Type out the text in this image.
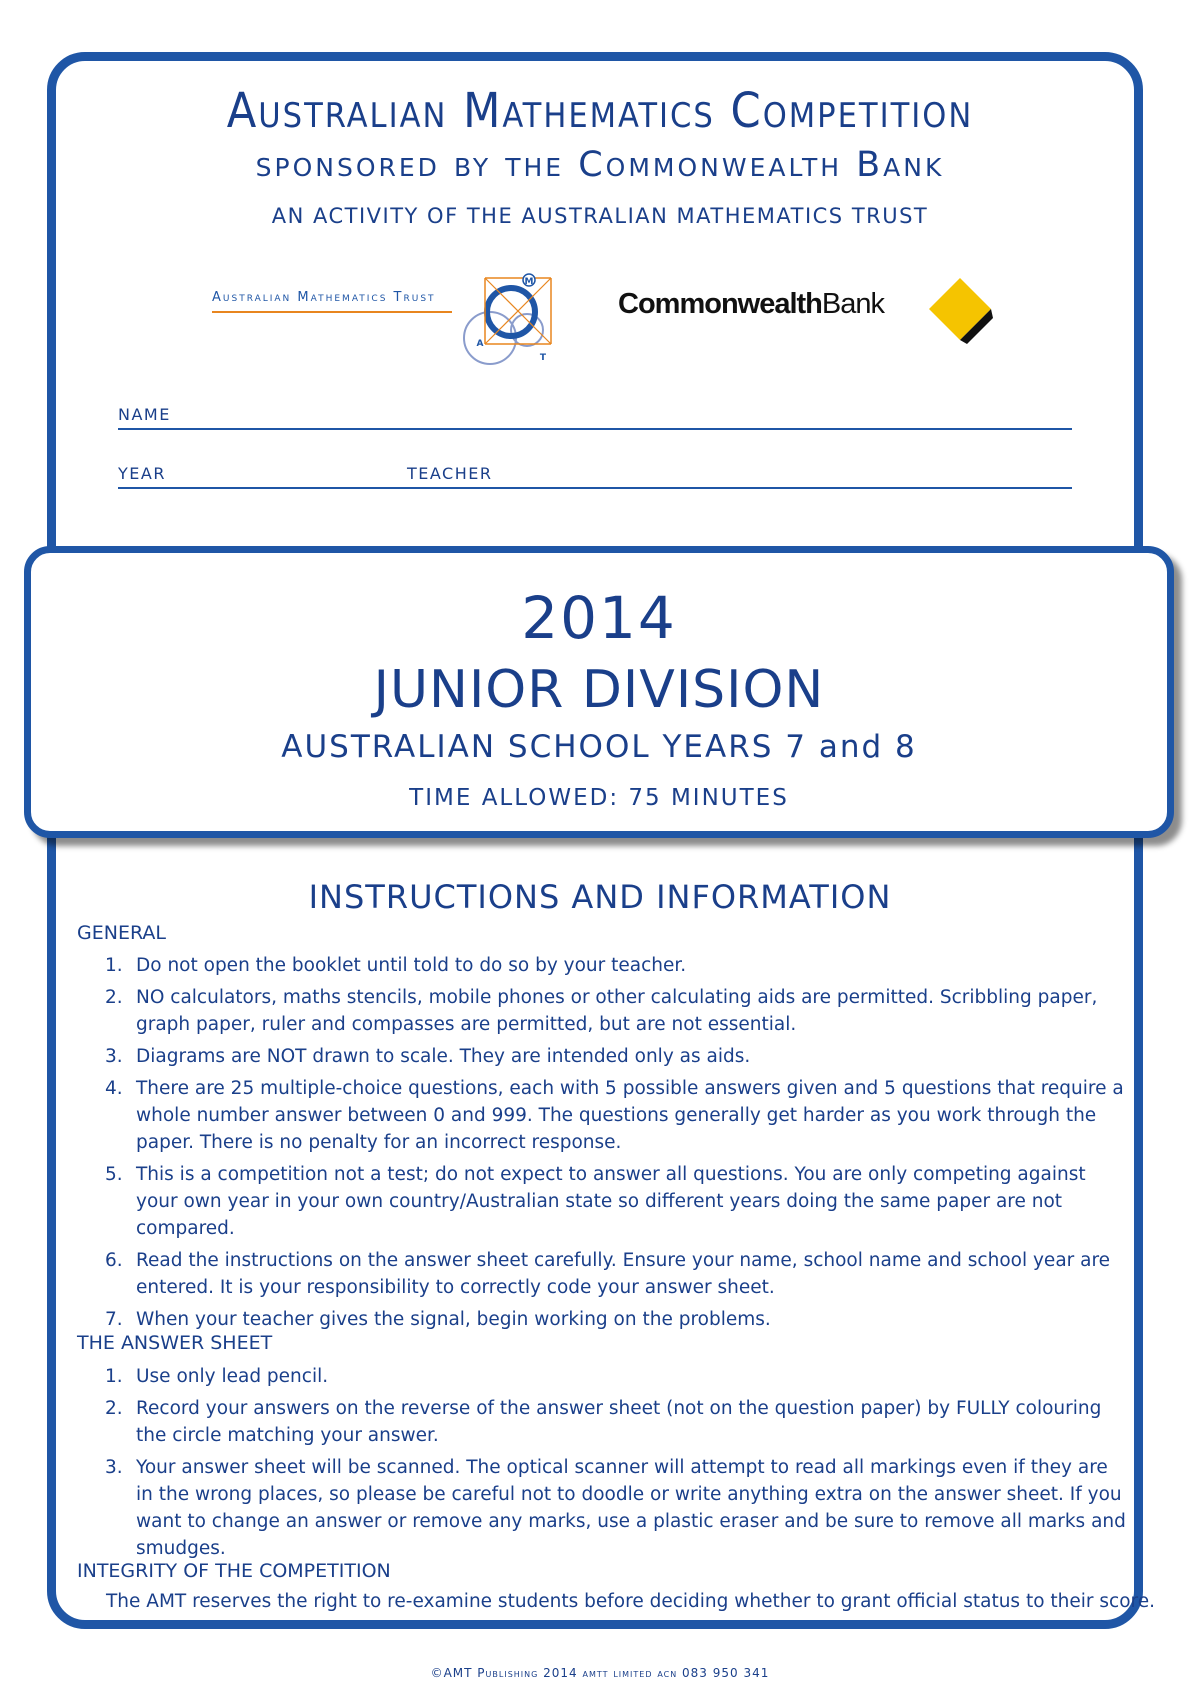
Australian Mathematics Competition
sponsored by the Commonwealth Bank
AN ACTIVITY OF THE AUSTRALIAN MATHEMATICS TRUST
Australian Mathematics Trust
M
A
T
CommonwealthBank
NAME
YEAR	TEACHER
2014
JUNIOR DIVISION
AUSTRALIAN SCHOOL YEARS 7 and 8
TIME ALLOWED: 75 MINUTES
INSTRUCTIONS AND INFORMATION
GENERAL
1. Do not open the booklet until told to do so by your teacher.
2. NO calculators, maths stencils, mobile phones or other calculating aids are permitted. Scribbling paper, graph paper, ruler and compasses are permitted, but are not essential.
3. Diagrams are NOT drawn to scale. They are intended only as aids.
4. There are 25 multiple-choice questions, each with 5 possible answers given and 5 questions that require a whole number answer between 0 and 999. The questions generally get harder as you work through the paper. There is no penalty for an incorrect response.
5. This is a competition not a test; do not expect to answer all questions. You are only competing against your own year in your own country/Australian state so different years doing the same paper are not compared.
6. Read the instructions on the answer sheet carefully. Ensure your name, school name and school year are entered. It is your responsibility to correctly code your answer sheet.
7. When your teacher gives the signal, begin working on the problems.
THE ANSWER SHEET
1. Use only lead pencil.
2. Record your answers on the reverse of the answer sheet (not on the question paper) by FULLY colouring the circle matching your answer.
3. Your answer sheet will be scanned. The optical scanner will attempt to read all markings even if they are in the wrong places, so please be careful not to doodle or write anything extra on the answer sheet. If you want to change an answer or remove any marks, use a plastic eraser and be sure to remove all marks and smudges.
INTEGRITY OF THE COMPETITION
The AMT reserves the right to re-examine students before deciding whether to grant official status to their score.
©AMT Publishing 2014 amtt limited acn 083 950 341
